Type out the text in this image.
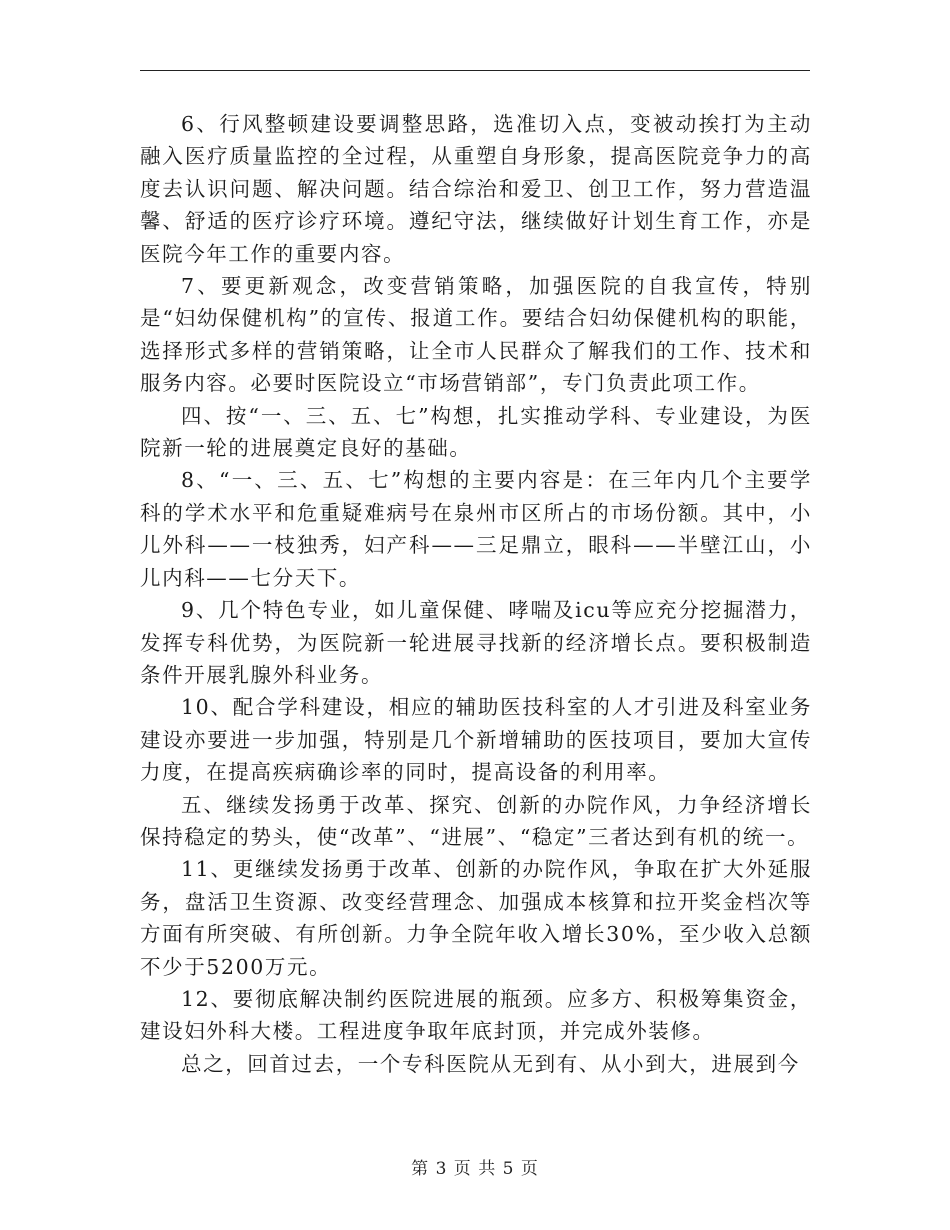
6、行风整顿建设要调整思路，选准切入点，变被动挨打为主动融入医疗质量监控的全过程，从重塑自身形象，提高医院竞争力的高度去认识问题、解决问题。结合综治和爱卫、创卫工作，努力营造温馨、舒适的医疗诊疗环境。遵纪守法，继续做好计划生育工作，亦是医院今年工作的重要内容。

7、要更新观念，改变营销策略，加强医院的自我宣传，特别是“妇幼保健机构”的宣传、报道工作。要结合妇幼保健机构的职能，选择形式多样的营销策略，让全市人民群众了解我们的工作、技术和服务内容。必要时医院设立“市场营销部”，专门负责此项工作。

四、按“一、三、五、七”构想，扎实推动学科、专业建设，为医院新一轮的进展奠定良好的基础。

8、“一、三、五、七”构想的主要内容是：在三年内几个主要学科的学术水平和危重疑难病号在泉州市区所占的市场份额。其中，小儿外科——一枝独秀，妇产科——三足鼎立，眼科——半壁江山，小儿内科——七分天下。

9、几个特色专业，如儿童保健、哮喘及icu等应充分挖掘潜力，发挥专科优势，为医院新一轮进展寻找新的经济增长点。要积极制造条件开展乳腺外科业务。

10、配合学科建设，相应的辅助医技科室的人才引进及科室业务建设亦要进一步加强，特别是几个新增辅助的医技项目，要加大宣传力度，在提高疾病确诊率的同时，提高设备的利用率。

五、继续发扬勇于改革、探究、创新的办院作风，力争经济增长保持稳定的势头，使“改革”、“进展”、“稳定”三者达到有机的统一。

11、更继续发扬勇于改革、创新的办院作风，争取在扩大外延服务，盘活卫生资源、改变经营理念、加强成本核算和拉开奖金档次等方面有所突破、有所创新。力争全院年收入增长30%，至少收入总额不少于5200万元。

12、要彻底解决制约医院进展的瓶颈。应多方、积极筹集资金，建设妇外科大楼。工程进度争取年底封顶，并完成外装修。

总之，回首过去，一个专科医院从无到有、从小到大，进展到今

第 3 页 共 5 页
